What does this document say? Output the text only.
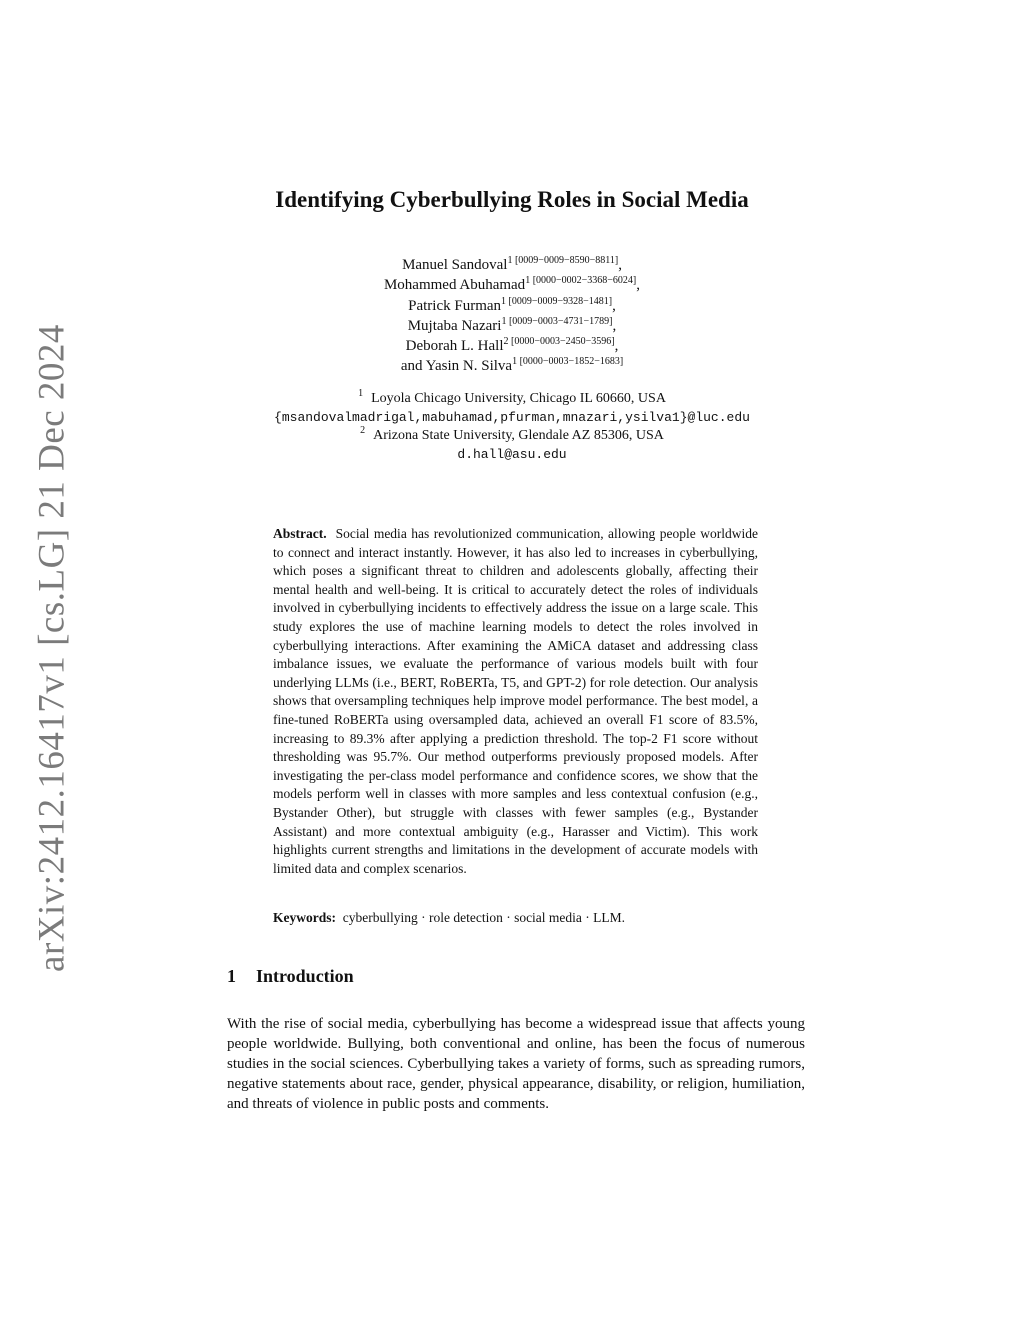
arXiv:2412.16417v1 [cs.LG] 21 Dec 2024
Identifying Cyberbullying Roles in Social Media
Manuel Sandoval$^{1 [0009-0009-8590-8811]}$,
Mohammed Abuhamad$^{1 [0000-0002-3368-6024]}$,
Patrick Furman$^{1 [0009-0009-9328-1481]}$,
Mujtaba Nazari$^{1 [0009-0003-4731-1789]}$,
Deborah L. Hall$^{2 [0000-0003-2450-3596]}$,
and Yasin N. Silva$^{1 [0000-0003-1852-1683]}$
$^1$ Loyola Chicago University, Chicago IL 60660, USA
{msandovalmadrigal,mabuhamad,pfurman,mnazari,ysilva1}@luc.edu
$^2$ Arizona State University, Glendale AZ 85306, USA
d.hall@asu.edu
Abstract. Social media has revolutionized communication, allowing people worldwide to connect and interact instantly. However, it has also led to increases in cyberbullying, which poses a significant threat to children and adolescents globally, affecting their mental health and well-being. It is critical to accurately detect the roles of individuals involved in cyberbullying incidents to effectively address the issue on a large scale. This study explores the use of machine learning models to detect the roles involved in cyberbullying interactions. After examining the AMiCA dataset and addressing class imbalance issues, we evaluate the performance of various models built with four underlying LLMs (i.e., BERT, RoBERTa, T5, and GPT-2) for role detection. Our analysis shows that oversampling techniques help improve model performance. The best model, a fine-tuned RoBERTa using oversampled data, achieved an overall F1 score of 83.5%, increasing to 89.3% after applying a prediction threshold. The top-2 F1 score without thresholding was 95.7%. Our method outperforms previously proposed models. After investigating the per-class model performance and confidence scores, we show that the models perform well in classes with more samples and less contextual confusion (e.g., Bystander Other), but struggle with classes with fewer samples (e.g., Bystander Assistant) and more contextual ambiguity (e.g., Harasser and Victim). This work highlights current strengths and limitations in the development of accurate models with limited data and complex scenarios.
Keywords: cyberbullying · role detection · social media · LLM.
1 Introduction
With the rise of social media, cyberbullying has become a widespread issue that affects young people worldwide. Bullying, both conventional and online, has been the focus of numerous studies in the social sciences. Cyberbullying takes a variety of forms, such as spreading rumors, negative statements about race, gender, physical appearance, disability, or religion, humiliation, and threats of violence in public posts and comments.
